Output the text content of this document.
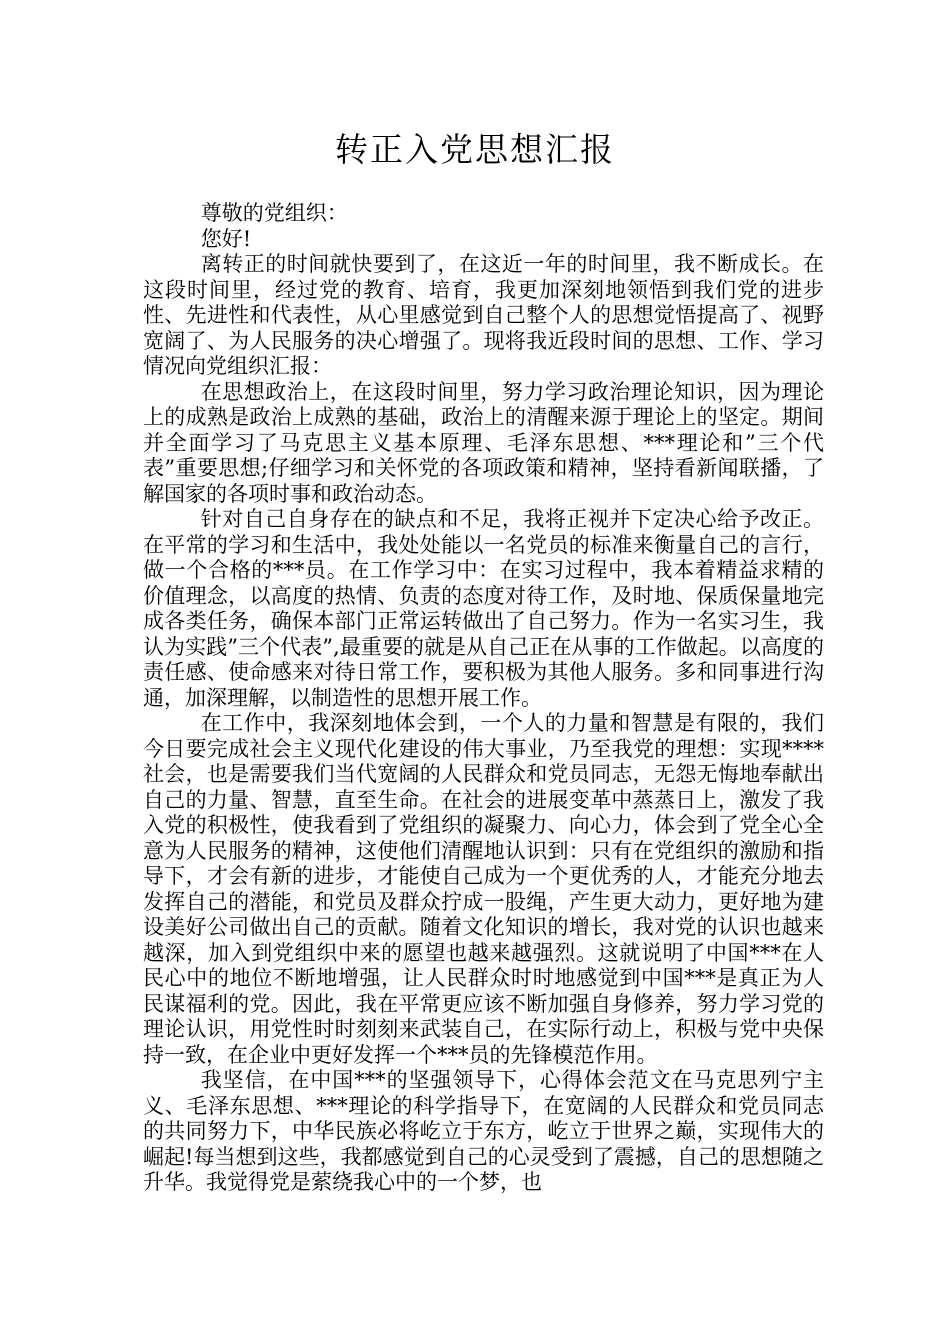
转正入党思想汇报

尊敬的党组织：

您好!

离转正的时间就快要到了，在这近一年的时间里，我不断成长。在这段时间里，经过党的教育、培育，我更加深刻地领悟到我们党的进步性、先进性和代表性，从心里感觉到自己整个人的思想觉悟提高了、视野宽阔了、为人民服务的决心增强了。现将我近段时间的思想、工作、学习情况向党组织汇报：

在思想政治上，在这段时间里，努力学习政治理论知识，因为理论上的成熟是政治上成熟的基础，政治上的清醒来源于理论上的坚定。期间并全面学习了马克思主义基本原理、毛泽东思想、***理论和”三个代表”重要思想;仔细学习和关怀党的各项政策和精神，坚持看新闻联播，了解国家的各项时事和政治动态。

针对自己自身存在的缺点和不足，我将正视并下定决心给予改正。在平常的学习和生活中，我处处能以一名党员的标准来衡量自己的言行，做一个合格的***员。在工作学习中：在实习过程中，我本着精益求精的价值理念，以高度的热情、负责的态度对待工作，及时地、保质保量地完成各类任务，确保本部门正常运转做出了自己努力。作为一名实习生，我认为实践”三个代表”,最重要的就是从自己正在从事的工作做起。以高度的责任感、使命感来对待日常工作，要积极为其他人服务。多和同事进行沟通，加深理解，以制造性的思想开展工作。

在工作中，我深刻地体会到，一个人的力量和智慧是有限的，我们今日要完成社会主义现代化建设的伟大事业，乃至我党的理想：实现****社会，也是需要我们当代宽阔的人民群众和党员同志，无怨无悔地奉献出自己的力量、智慧，直至生命。在社会的进展变革中蒸蒸日上，激发了我入党的积极性，使我看到了党组织的凝聚力、向心力，体会到了党全心全意为人民服务的精神，这使他们清醒地认识到：只有在党组织的激励和指导下，才会有新的进步，才能使自己成为一个更优秀的人，才能充分地去发挥自己的潜能，和党员及群众拧成一股绳，产生更大动力，更好地为建设美好公司做出自己的贡献。随着文化知识的增长，我对党的认识也越来越深，加入到党组织中来的愿望也越来越强烈。这就说明了中国***在人民心中的地位不断地增强，让人民群众时时地感觉到中国***是真正为人民谋福利的党。因此，我在平常更应该不断加强自身修养，努力学习党的理论认识，用党性时时刻刻来武装自己，在实际行动上，积极与党中央保持一致，在企业中更好发挥一个***员的先锋模范作用。

我坚信，在中国***的坚强领导下，心得体会范文在马克思列宁主义、毛泽东思想、***理论的科学指导下，在宽阔的人民群众和党员同志的共同努力下，中华民族必将屹立于东方，屹立于世界之巅，实现伟大的崛起!每当想到这些，我都感觉到自己的心灵受到了震撼，自己的思想随之升华。我觉得党是萦绕我心中的一个梦，也
